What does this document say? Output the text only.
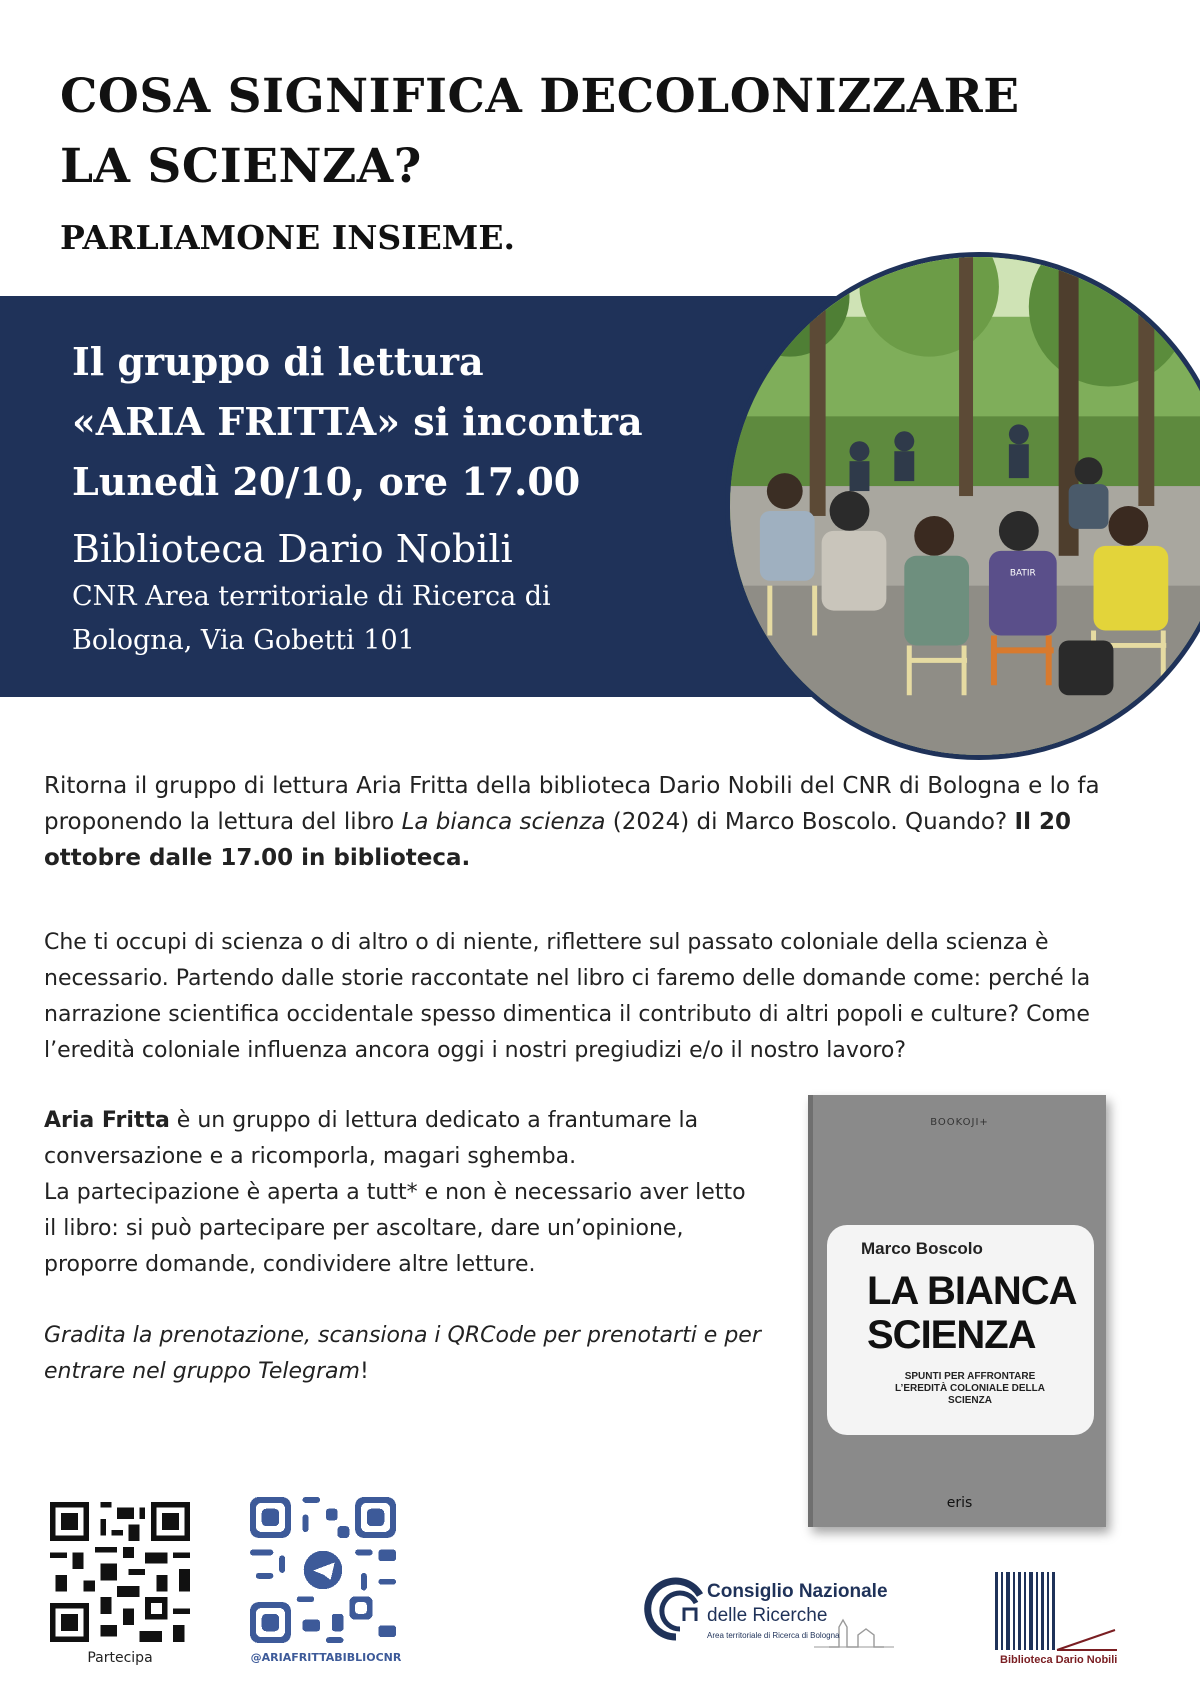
COSA SIGNIFICA DECOLONIZZARE LA SCIENZA?
PARLIAMONE INSIEME.
Il gruppo di lettura
«ARIA FRITTA» si incontra
Lunedì 20/10, ore 17.00
Biblioteca Dario Nobili
CNR Area territoriale di Ricerca di
Bologna, Via Gobetti 101
BATIR
Ritorna il gruppo di lettura Aria Fritta della biblioteca Dario Nobili del CNR di Bologna e lo fa proponendo la lettura del libro La bianca scienza (2024) di Marco Boscolo. Quando? Il 20 ottobre dalle 17.00 in biblioteca.
Che ti occupi di scienza o di altro o di niente, riflettere sul passato coloniale della scienza è necessario. Partendo dalle storie raccontate nel libro ci faremo delle domande come: perché la narrazione scientifica occidentale spesso dimentica il contributo di altri popoli e culture? Come l’eredità coloniale influenza ancora oggi i nostri pregiudizi e/o il nostro lavoro?
Aria Fritta è un gruppo di lettura dedicato a frantumare la conversazione e a ricomporla, magari sghemba.
La partecipazione è aperta a tutt* e non è necessario aver letto il libro: si può partecipare per ascoltare, dare un’opinione, proporre domande, condividere altre letture.
Gradita la prenotazione, scansiona i QRCode per prenotarti e per entrare nel gruppo Telegram!
BOOKOJI+
Marco Boscolo
LA BIANCA
SCIENZA
SPUNTI PER AFFRONTARE L’EREDITÀ COLONIALE DELLA SCIENZA
eris
Partecipa	@ARIAFRITTABIBLIOCNR
Consiglio Nazionale
delle Ricerche
Area territoriale di Ricerca di Bologna
Biblioteca Dario Nobili
